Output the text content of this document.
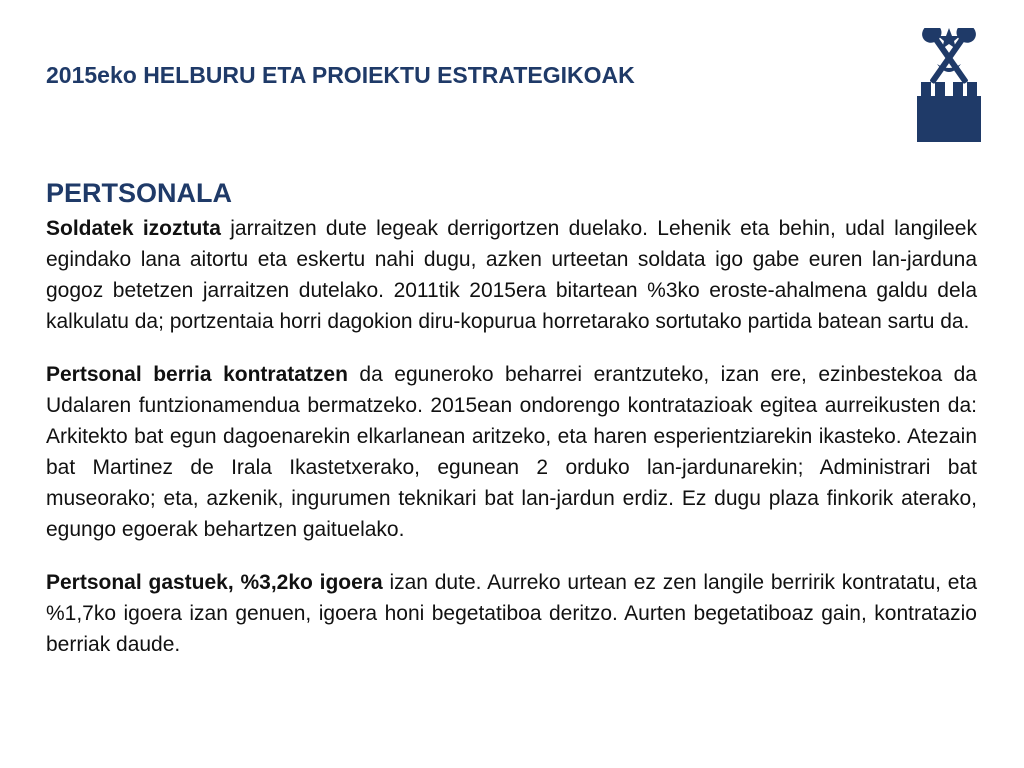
2015eko HELBURU ETA PROIEKTU ESTRATEGIKOAK
PERTSONALA

Soldatek izoztuta jarraitzen dute legeak derrigortzen duelako. Lehenik eta behin, udal langileek egindako lana aitortu eta eskertu nahi dugu, azken urteetan soldata igo gabe euren lan-jarduna gogoz betetzen jarraitzen dutelako. 2011tik 2015era bitartean %3ko eroste-ahalmena galdu dela kalkulatu da; portzentaia horri dagokion diru-kopurua horretarako sortutako partida batean sartu da.

Pertsonal berria kontratatzen da eguneroko beharrei erantzuteko, izan ere, ezinbestekoa da Udalaren funtzionamendua bermatzeko. 2015ean ondorengo kontratazioak egitea aurreikusten da: Arkitekto bat egun dagoenarekin elkarlanean aritzeko, eta haren esperientziarekin ikasteko. Atezain bat Martinez de Irala Ikastetxerako, egunean 2 orduko lan-jardunarekin; Administrari bat museorako; eta, azkenik, ingurumen teknikari bat lan-jardun erdiz. Ez dugu plaza finkorik aterako, egungo egoerak behartzen gaituelako.

Pertsonal gastuek, %3,2ko igoera izan dute. Aurreko urtean ez zen langile berririk kontratatu, eta %1,7ko igoera izan genuen, igoera honi begetatiboa deritzo. Aurten begetatiboaz gain, kontratazio berriak daude.
